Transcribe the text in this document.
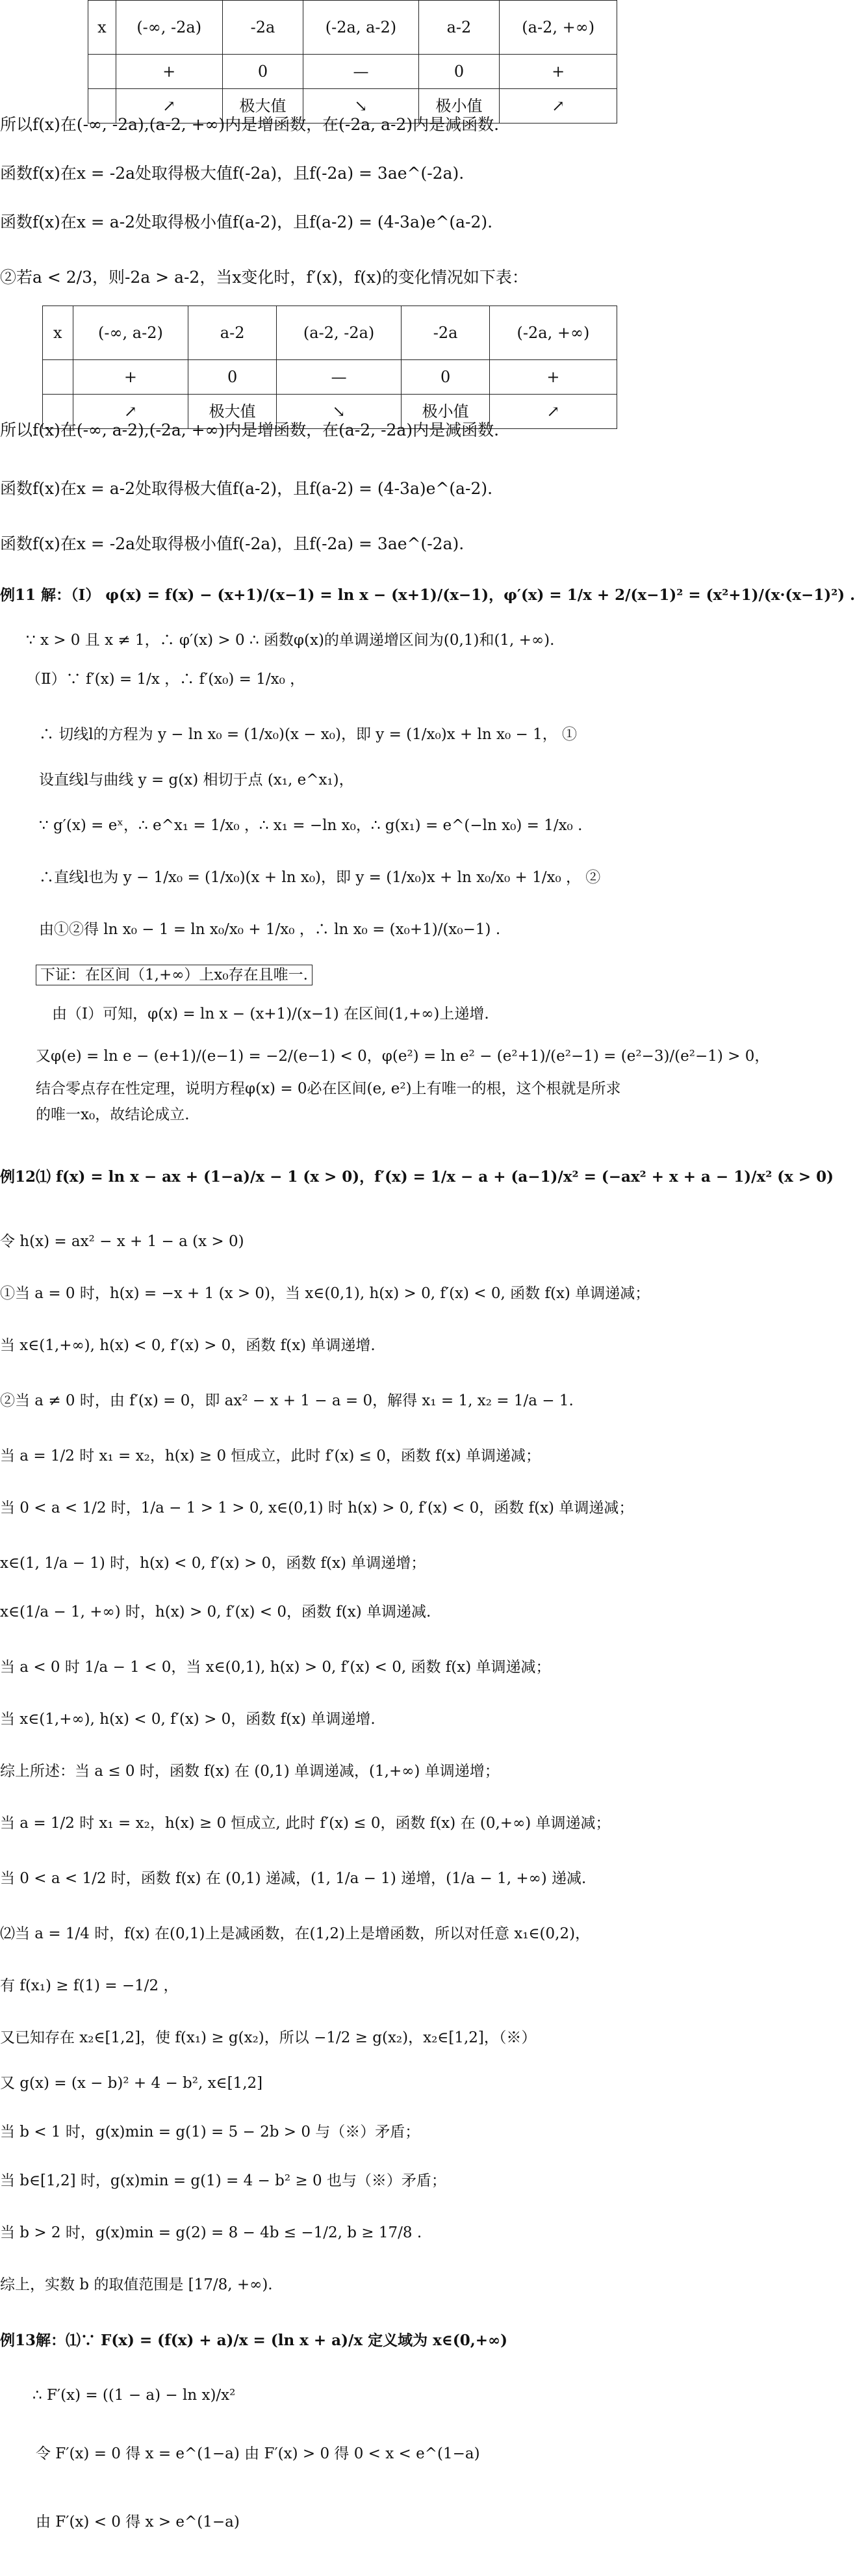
x	(-∞, -2a)	-2a	(-2a, a-2)	a-2	(a-2, +∞)
	+	0	—	0	+
	↗	极大值	↘	极小值	↗
所以f(x)在(-∞, -2a),(a-2, +∞)内是增函数，在(-2a, a-2)内是减函数.
函数f(x)在x = -2a处取得极大值f(-2a)，且f(-2a) = 3ae^(-2a).
函数f(x)在x = a-2处取得极小值f(a-2)，且f(a-2) = (4-3a)e^(a-2).
②若a < 2/3，则-2a > a-2，当x变化时，f′(x)，f(x)的变化情况如下表：
x	(-∞, a-2)	a-2	(a-2, -2a)	-2a	(-2a, +∞)
	+	0	—	0	+
	↗	极大值	↘	极小值	↗
所以f(x)在(-∞, a-2),(-2a, +∞)内是增函数，在(a-2, -2a)内是减函数.
函数f(x)在x = a-2处取得极大值f(a-2)，且f(a-2) = (4-3a)e^(a-2).
函数f(x)在x = -2a处取得极小值f(-2a)，且f(-2a) = 3ae^(-2a).
例11 解：（Ⅰ） φ(x) = f(x) − (x+1)/(x−1) = ln x − (x+1)/(x−1)，φ′(x) = 1/x + 2/(x−1)² = (x²+1)/(x·(x−1)²) .
∵ x > 0 且 x ≠ 1，∴ φ′(x) > 0 ∴ 函数φ(x)的单调递增区间为(0,1)和(1, +∞).
（Ⅱ）∵ f′(x) = 1/x ，∴ f′(x₀) = 1/x₀ ，
∴ 切线l的方程为 y − ln x₀ = (1/x₀)(x − x₀)，即 y = (1/x₀)x + ln x₀ − 1， ①
设直线l与曲线 y = g(x) 相切于点 (x₁, e^x₁)，
∵ g′(x) = eˣ，∴ e^x₁ = 1/x₀ ，∴ x₁ = −ln x₀，∴ g(x₁) = e^(−ln x₀) = 1/x₀ .
∴直线l也为 y − 1/x₀ = (1/x₀)(x + ln x₀)，即 y = (1/x₀)x + ln x₀/x₀ + 1/x₀ ， ②
由①②得 ln x₀ − 1 = ln x₀/x₀ + 1/x₀ ，∴ ln x₀ = (x₀+1)/(x₀−1) .
下证：在区间（1,+∞）上x₀存在且唯一.
由（Ⅰ）可知，φ(x) = ln x − (x+1)/(x−1) 在区间(1,+∞)上递增.
又φ(e) = ln e − (e+1)/(e−1) = −2/(e−1) < 0，φ(e²) = ln e² − (e²+1)/(e²−1) = (e²−3)/(e²−1) > 0，
结合零点存在性定理，说明方程φ(x) = 0必在区间(e, e²)上有唯一的根，这个根就是所求
的唯一x₀，故结论成立.
例12⑴ f(x) = ln x − ax + (1−a)/x − 1 (x > 0)，f′(x) = 1/x − a + (a−1)/x² = (−ax² + x + a − 1)/x² (x > 0)
令 h(x) = ax² − x + 1 − a (x > 0)
①当 a = 0 时，h(x) = −x + 1 (x > 0)，当 x∈(0,1), h(x) > 0, f′(x) < 0, 函数 f(x) 单调递减；
当 x∈(1,+∞), h(x) < 0, f′(x) > 0，函数 f(x) 单调递增.
②当 a ≠ 0 时，由 f′(x) = 0，即 ax² − x + 1 − a = 0，解得 x₁ = 1, x₂ = 1/a − 1.
当 a = 1/2 时 x₁ = x₂，h(x) ≥ 0 恒成立，此时 f′(x) ≤ 0，函数 f(x) 单调递减；
当 0 < a < 1/2 时，1/a − 1 > 1 > 0, x∈(0,1) 时 h(x) > 0, f′(x) < 0，函数 f(x) 单调递减；
x∈(1, 1/a − 1) 时，h(x) < 0, f′(x) > 0，函数 f(x) 单调递增；
x∈(1/a − 1, +∞) 时，h(x) > 0, f′(x) < 0，函数 f(x) 单调递减.
当 a < 0 时 1/a − 1 < 0，当 x∈(0,1), h(x) > 0, f′(x) < 0, 函数 f(x) 单调递减；
当 x∈(1,+∞), h(x) < 0, f′(x) > 0，函数 f(x) 单调递增.
综上所述：当 a ≤ 0 时，函数 f(x) 在 (0,1) 单调递减，(1,+∞) 单调递增；
当 a = 1/2 时 x₁ = x₂，h(x) ≥ 0 恒成立, 此时 f′(x) ≤ 0，函数 f(x) 在 (0,+∞) 单调递减；
当 0 < a < 1/2 时，函数 f(x) 在 (0,1) 递减，(1, 1/a − 1) 递增，(1/a − 1, +∞) 递减.
⑵当 a = 1/4 时，f(x) 在(0,1)上是减函数，在(1,2)上是增函数，所以对任意 x₁∈(0,2)，
有 f(x₁) ≥ f(1) = −1/2 ，
又已知存在 x₂∈[1,2]，使 f(x₁) ≥ g(x₂)，所以 −1/2 ≥ g(x₂)，x₂∈[1,2]，（※）
又 g(x) = (x − b)² + 4 − b², x∈[1,2]
当 b < 1 时，g(x)min = g(1) = 5 − 2b > 0 与（※）矛盾；
当 b∈[1,2] 时，g(x)min = g(1) = 4 − b² ≥ 0 也与（※）矛盾；
当 b > 2 时，g(x)min = g(2) = 8 − 4b ≤ −1/2, b ≥ 17/8 .
综上，实数 b 的取值范围是 [17/8, +∞).
例13解：⑴∵ F(x) = (f(x) + a)/x = (ln x + a)/x 定义域为 x∈(0,+∞)
∴ F′(x) = ((1 − a) − ln x)/x²
令 F′(x) = 0 得 x = e^(1−a) 由 F′(x) > 0 得 0 < x < e^(1−a)
由 F′(x) < 0 得 x > e^(1−a)
